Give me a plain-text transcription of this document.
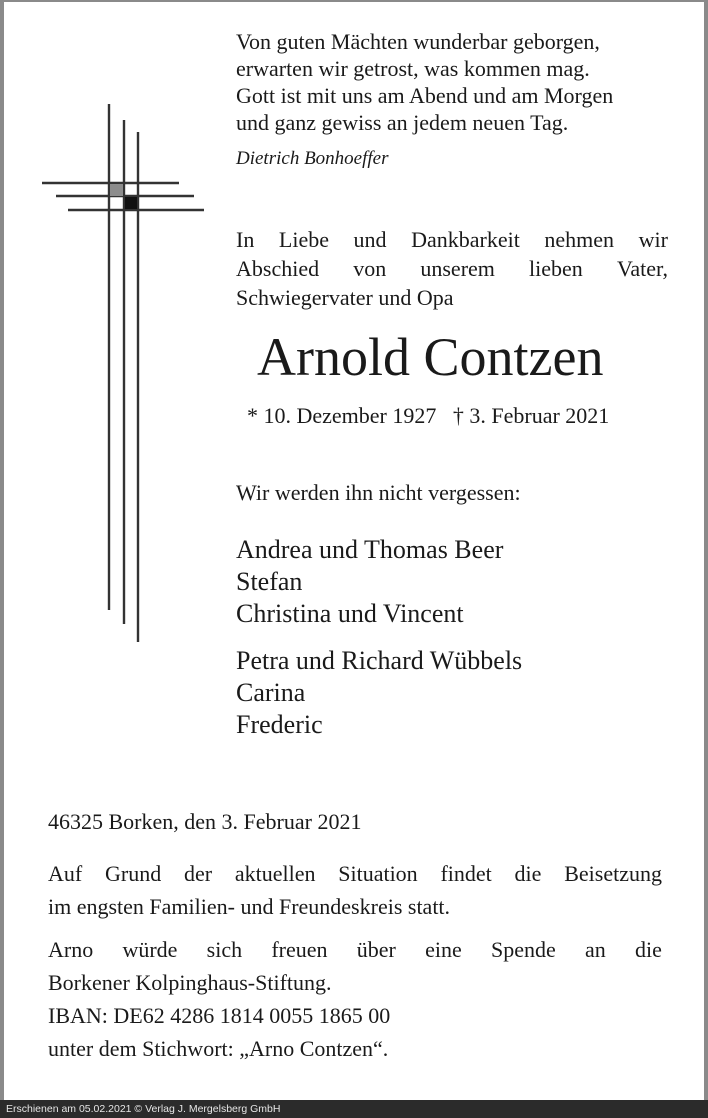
Von guten Mächten wunderbar geborgen,
erwarten wir getrost, was kommen mag.
Gott ist mit uns am Abend und am Morgen
und ganz gewiss an jedem neuen Tag.
Dietrich Bonhoeffer
In Liebe und Dankbarkeit nehmen wir
Abschied von unserem lieben Vater,
Schwiegervater und Opa
Arnold Contzen
* 10. Dezember 1927 † 3. Februar 2021
Wir werden ihn nicht vergessen:
Andrea und Thomas Beer
Stefan
Christina und Vincent
Petra und Richard Wübbels
Carina
Frederic
46325 Borken, den 3. Februar 2021
Auf Grund der aktuellen Situation findet die Beisetzung
im engsten Familien- und Freundeskreis statt.
Arno würde sich freuen über eine Spende an die
Borkener Kolpinghaus-Stiftung.
IBAN: DE62 4286 1814 0055 1865 00
unter dem Stichwort: „Arno Contzen“.
Erschienen am 05.02.2021 © Verlag J. Mergelsberg GmbH
